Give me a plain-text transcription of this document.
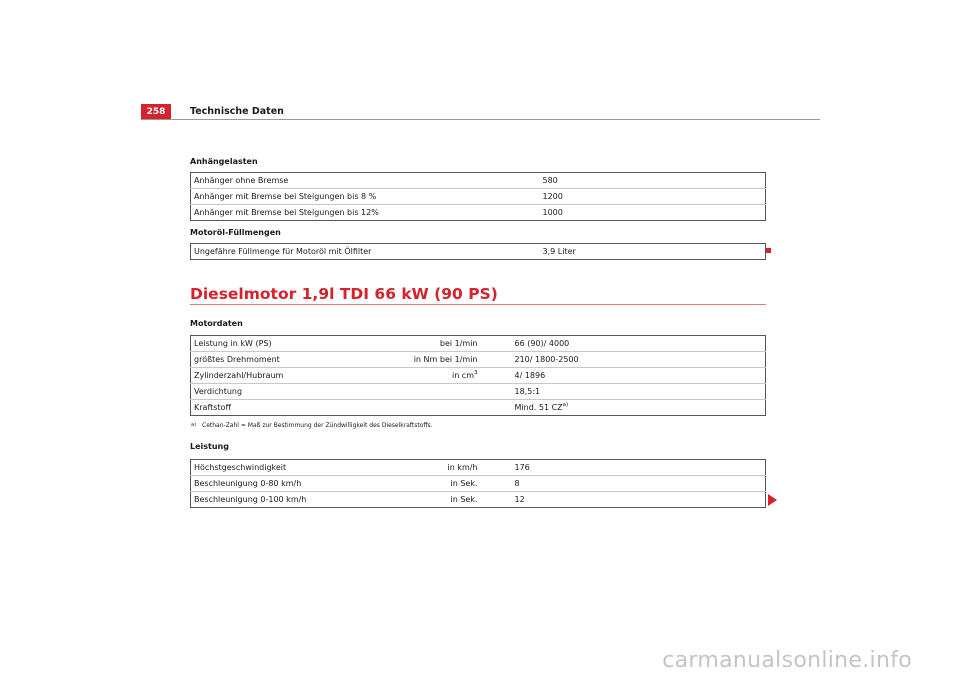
258	Technische Daten
Anhängelasten
Anhänger ohne Bremse	580
Anhänger mit Bremse bei Steigungen bis 8 %	1200
Anhänger mit Bremse bei Steigungen bis 12%	1000
Motoröl-Füllmengen
Ungefähre Füllmenge für Motoröl mit Ölfilter	3,9 Liter
Dieselmotor 1,9l TDI 66 kW (90 PS)
Motordaten
Leistung in kW (PS)	bei 1/min	66 (90)/ 4000
größtes Drehmoment	in Nm bei 1/min	210/ 1800-2500
Zylinderzahl/Hubraum	in $cm^3$	4/ 1896
Verdichtung		18,5:1
Kraftstoff		Mind. 51 CZ$^{a)}$
$^{a)}$ Cethan-Zahl = Maß zur Bestimmung der Zündwilligkeit des Dieselkraftstoffs.
Leistung
Höchstgeschwindigkeit	in km/h	176
Beschleunigung 0-80 km/h	in Sek.	8
Beschleunigung 0-100 km/h	in Sek.	12
carmanualsonline.info
